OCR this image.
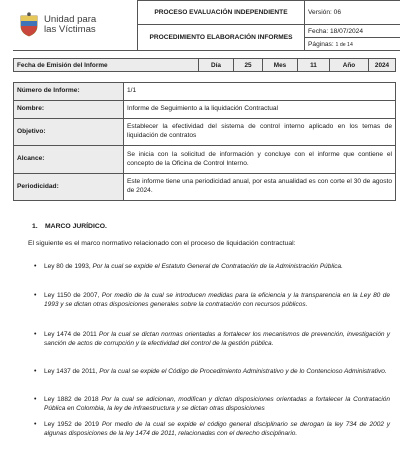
Unidad para
las Víctimas	PROCESO EVALUACIÓN INDEPENDIENTE	Versión: 06
	PROCEDIMIENTO ELABORACIÓN INFORMES	Fecha: 18/07/2024
		Páginas: 1 de 14
Fecha de Emisión del Informe	Día	25	Mes	11	Año	2024
Número de Informe:	1/1
Nombre:	Informe de Seguimiento a la liquidación Contractual
Objetivo:	Establecer la efectividad del sistema de control interno aplicado en los temas de liquidación de contratos
Alcance:	Se inicia con la solicitud de información y concluye con el informe que contiene el concepto de la Oficina de Control Interno.
Periodicidad:	Este informe tiene una periodicidad anual, por esta anualidad es con corte el 30 de agosto de 2024.
1. MARCO JURÍDICO.
El siguiente es el marco normativo relacionado con el proceso de liquidación contractual:
• Ley 80 de 1993, Por la cual se expide el Estatuto General de Contratación de la Administración Pública.

• Ley 1150 de 2007, Por medio de la cual se introducen medidas para la eficiencia y la transparencia en la Ley 80 de 1993 y se dictan otras disposiciones generales sobre la contratación con recursos públicos.

• Ley 1474 de 2011 Por la cual se dictan normas orientadas a fortalecer los mecanismos de prevención, investigación y sanción de actos de corrupción y la efectividad del control de la gestión pública.

• Ley 1437 de 2011, Por la cual se expide el Código de Procedimiento Administrativo y de lo Contencioso Administrativo.

• Ley 1882 de 2018 Por la cual se adicionan, modifican y dictan disposiciones orientadas a fortalecer la Contratación Pública en Colombia, la ley de infraestructura y se dictan otras disposiciones

• Ley 1952 de 2019 Por medio de la cual se expide el código general disciplinario se derogan la ley 734 de 2002 y algunas disposiciones de la ley 1474 de 2011, relacionadas con el derecho disciplinario.
